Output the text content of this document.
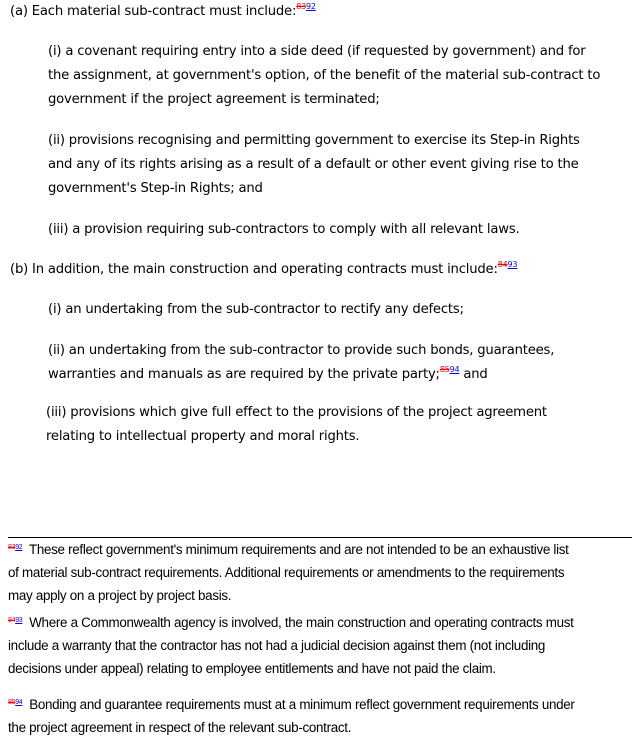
(a) Each material sub-contract must include:$^{8392}$
(i) a covenant requiring entry into a side deed (if requested by government) and for
the assignment, at government's option, of the benefit of the material sub-contract to
government if the project agreement is terminated;
(ii) provisions recognising and permitting government to exercise its Step-in Rights
and any of its rights arising as a result of a default or other event giving rise to the
government's Step-in Rights; and
(iii) a provision requiring sub-contractors to comply with all relevant laws.
(b) In addition, the main construction and operating contracts must include:$^{8493}$
(i) an undertaking from the sub-contractor to rectify any defects;
(ii) an undertaking from the sub-contractor to provide such bonds, guarantees,
warranties and manuals as are required by the private party;$^{8594}$ and
(iii) provisions which give full effect to the provisions of the project agreement
relating to intellectual property and moral rights.
$^{8392}$  These reflect government's minimum requirements and are not intended to be an exhaustive list
of material sub-contract requirements. Additional requirements or amendments to the requirements
may apply on a project by project basis.
$^{8493}$  Where a Commonwealth agency is involved, the main construction and operating contracts must
include a warranty that the contractor has not had a judicial decision against them (not including
decisions under appeal) relating to employee entitlements and have not paid the claim.
$^{8594}$  Bonding and guarantee requirements must at a minimum reflect government requirements under
the project agreement in respect of the relevant sub-contract.
